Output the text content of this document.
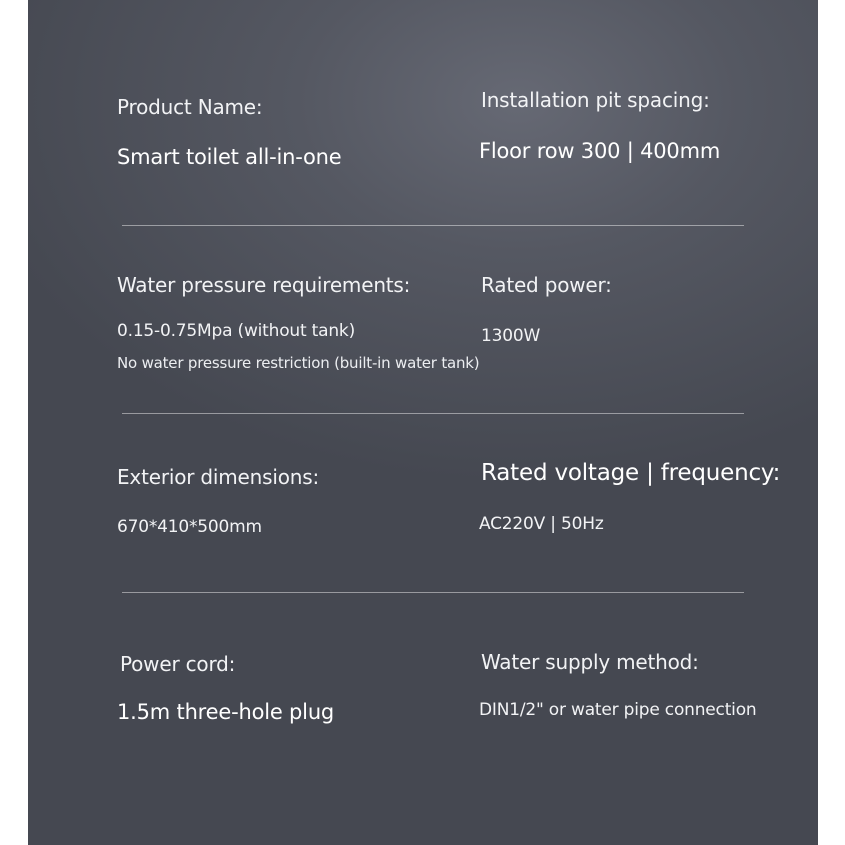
Product Name:
Smart toilet all-in-one
Installation pit spacing:
Floor row 300 | 400mm
Water pressure requirements:
0.15-0.75Mpa (without tank)
No water pressure restriction (built-in water tank)
Rated power:
1300W
Exterior dimensions:
670*410*500mm
Rated voltage | frequency:
AC220V | 50Hz
Power cord:
1.5m three-hole plug
Water supply method:
DIN1/2" or water pipe connection
